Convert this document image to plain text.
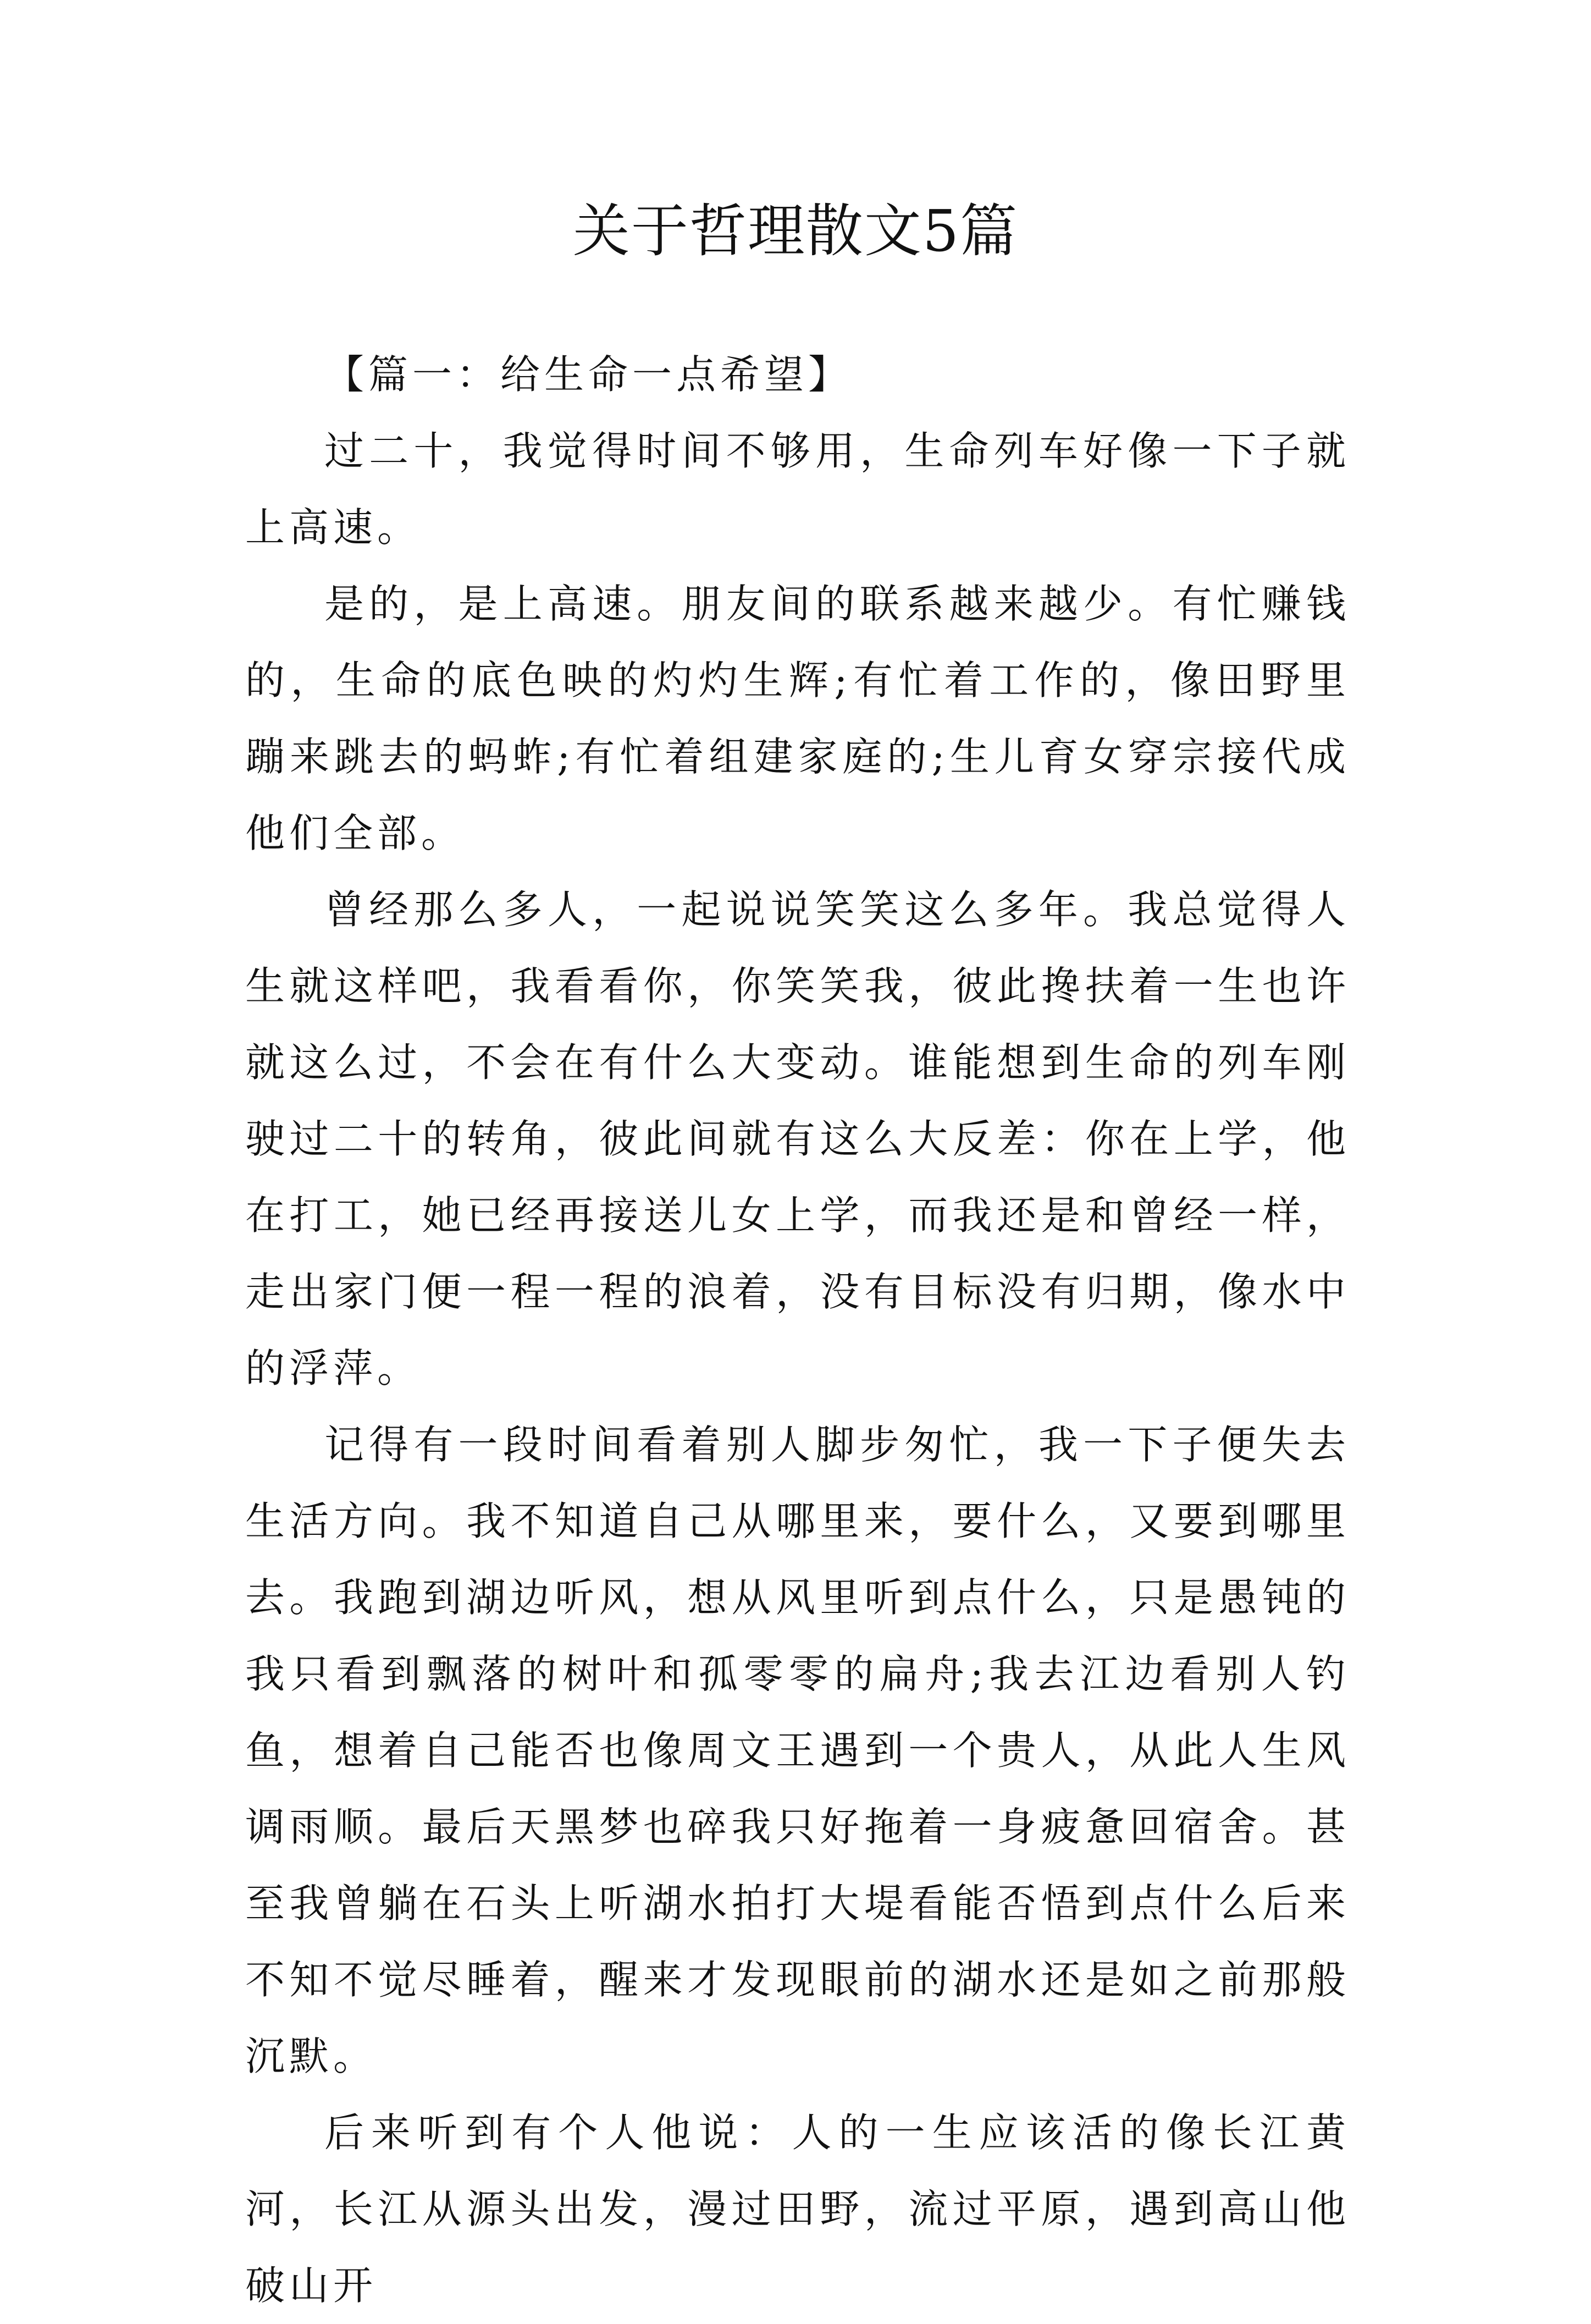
关于哲理散文5篇
【篇一：给生命一点希望】

过二十，我觉得时间不够用，生命列车好像一下子就上高速。

是的，是上高速。朋友间的联系越来越少。有忙赚钱的，生命的底色映的灼灼生辉;有忙着工作的，像田野里蹦来跳去的蚂蚱;有忙着组建家庭的;生儿育女穿宗接代成他们全部。

曾经那么多人，一起说说笑笑这么多年。我总觉得人生就这样吧，我看看你，你笑笑我，彼此搀扶着一生也许就这么过，不会在有什么大变动。谁能想到生命的列车刚驶过二十的转角，彼此间就有这么大反差：你在上学，他在打工，她已经再接送儿女上学，而我还是和曾经一样，走出家门便一程一程的浪着，没有目标没有归期，像水中的浮萍。

记得有一段时间看着别人脚步匆忙，我一下子便失去生活方向。我不知道自己从哪里来，要什么，又要到哪里去。我跑到湖边听风，想从风里听到点什么，只是愚钝的我只看到飘落的树叶和孤零零的扁舟;我去江边看别人钓鱼，想着自己能否也像周文王遇到一个贵人，从此人生风调雨顺。最后天黑梦也碎我只好拖着一身疲惫回宿舍。甚至我曾躺在石头上听湖水拍打大堤看能否悟到点什么后来不知不觉尽睡着，醒来才发现眼前的湖水还是如之前那般沉默。

后来听到有个人他说：人的一生应该活的像长江黄河，长江从源头出发，漫过田野，流过平原，遇到高山他破山开
